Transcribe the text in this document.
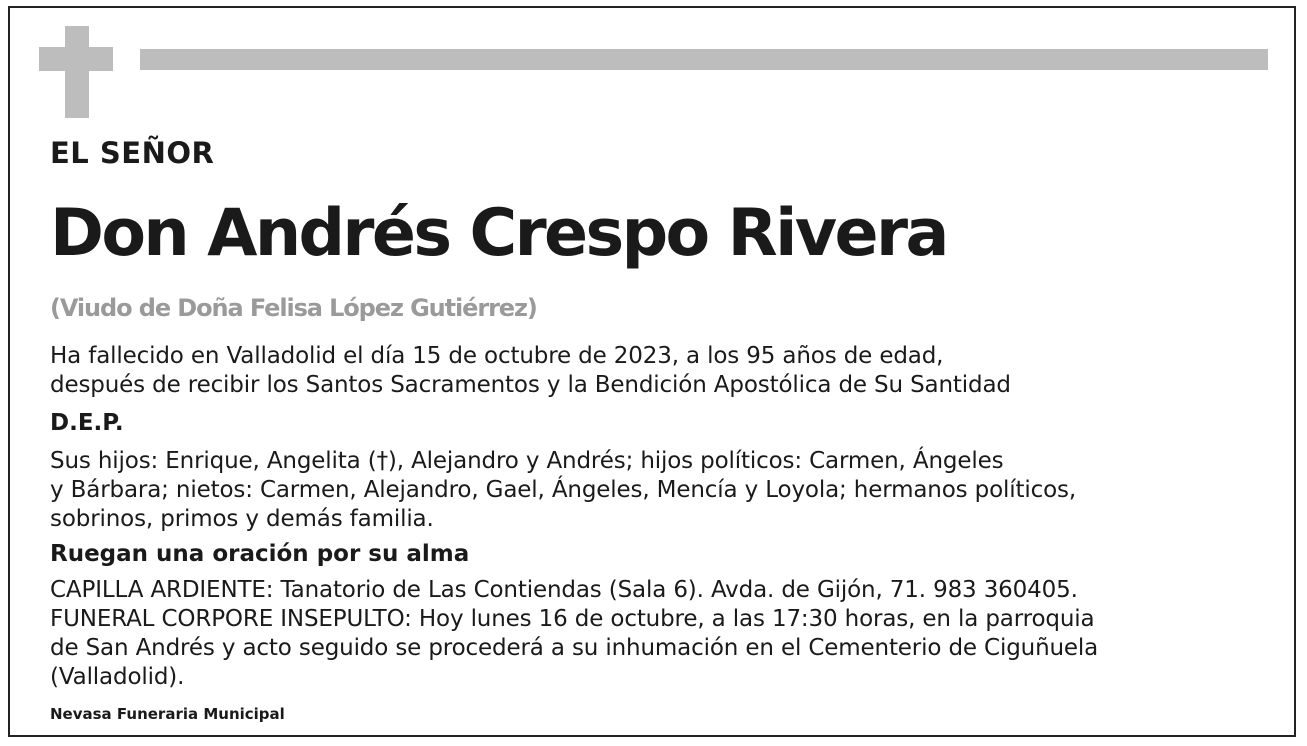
EL SEÑOR

Don Andrés Crespo Rivera

(Viudo de Doña Felisa López Gutiérrez)

Ha fallecido en Valladolid el día 15 de octubre de 2023, a los 95 años de edad,

después de recibir los Santos Sacramentos y la Bendición Apostólica de Su Santidad

D.E.P.

Sus hijos: Enrique, Angelita (†), Alejandro y Andrés; hijos políticos: Carmen, Ángeles

y Bárbara; nietos: Carmen, Alejandro, Gael, Ángeles, Mencía y Loyola; hermanos políticos,

sobrinos, primos y demás familia.

Ruegan una oración por su alma

CAPILLA ARDIENTE: Tanatorio de Las Contiendas (Sala 6). Avda. de Gijón, 71. 983 360405.

FUNERAL CORPORE INSEPULTO: Hoy lunes 16 de octubre, a las 17:30 horas, en la parroquia

de San Andrés y acto seguido se procederá a su inhumación en el Cementerio de Ciguñuela

(Valladolid).

Nevasa Funeraria Municipal
